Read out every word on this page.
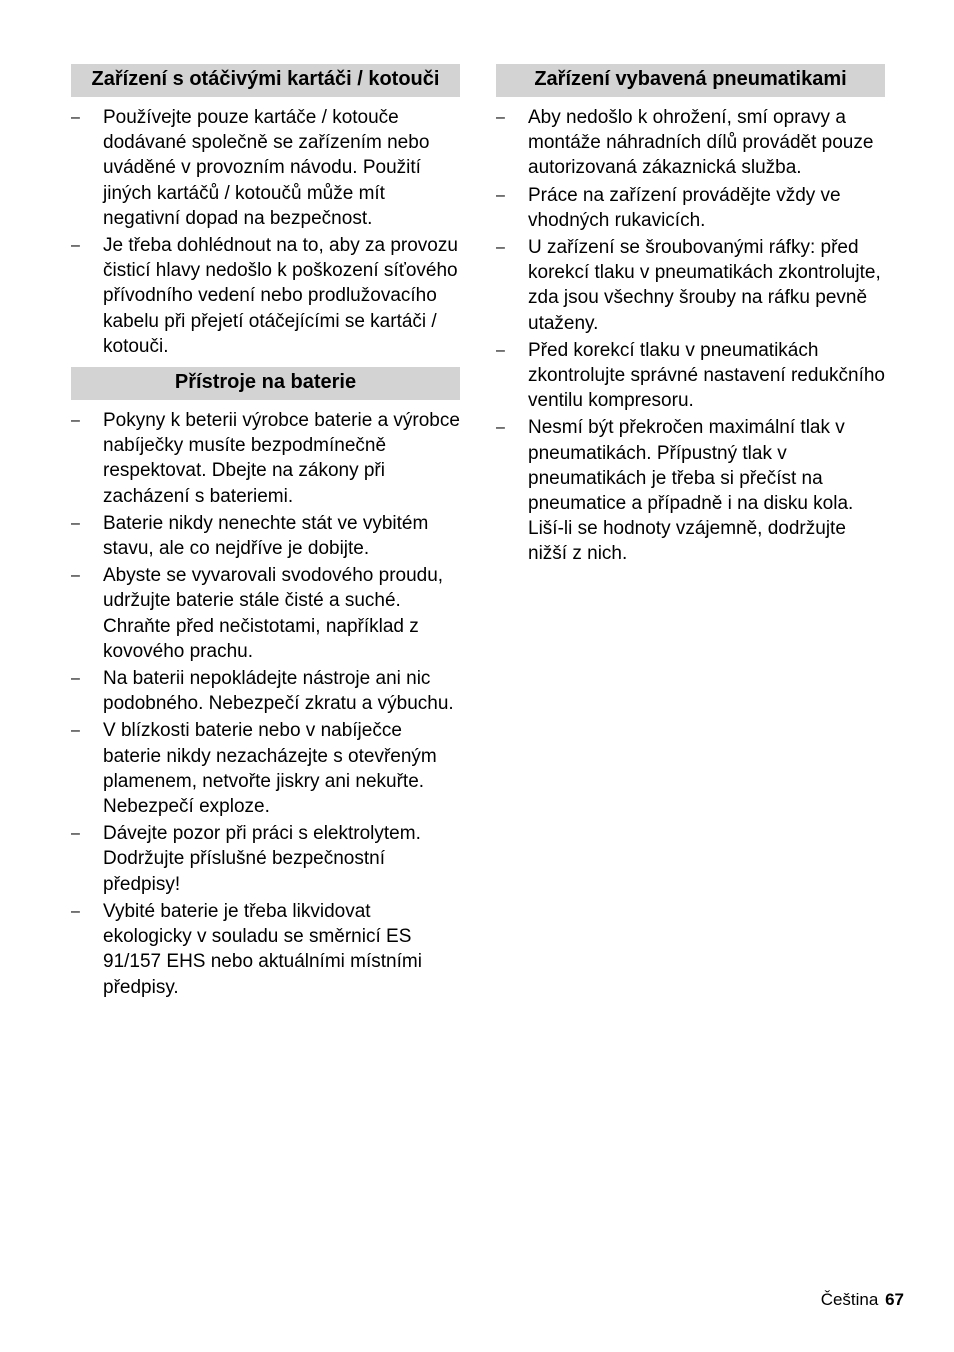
Zařízení s otáčivými kartáči / kotouči
– Používejte pouze kartáče / kotouče dodávané společně se zařízením nebo uváděné v provozním návodu. Použití jiných kartáčů / kotoučů může mít negativní dopad na bezpečnost.
– Je třeba dohlédnout na to, aby za provozu čisticí hlavy nedošlo k poškození síťového přívodního vedení nebo prodlužovacího kabelu při přejetí otáčejícími se kartáči / kotouči.
Přístroje na baterie
– Pokyny k beterii výrobce baterie a výrobce nabíječky musíte bezpodmínečně respektovat. Dbejte na zákony při zacházení s bateriemi.
– Baterie nikdy nenechte stát ve vybitém stavu, ale co nejdříve je dobijte.
– Abyste se vyvarovali svodového proudu, udržujte baterie stále čisté a suché. Chraňte před nečistotami, například z kovového prachu.
– Na baterii nepokládejte nástroje ani nic podobného. Nebezpečí zkratu a výbuchu.
– V blízkosti baterie nebo v nabíječce baterie nikdy nezacházejte s otevřeným plamenem, netvořte jiskry ani nekuřte. Nebezpečí exploze.
– Dávejte pozor při práci s elektrolytem. Dodržujte příslušné bezpečnostní předpisy!
– Vybité baterie je třeba likvidovat ekologicky v souladu se směrnicí ES 91/157 EHS nebo aktuálními místními předpisy.
Zařízení vybavená pneumatikami
– Aby nedošlo k ohrožení, smí opravy a montáže náhradních dílů provádět pouze autorizovaná zákaznická služba.
– Práce na zařízení provádějte vždy ve vhodných rukavicích.
– U zařízení se šroubovanými ráfky: před korekcí tlaku v pneumatikách zkontrolujte, zda jsou všechny šrouby na ráfku pevně utaženy.
– Před korekcí tlaku v pneumatikách zkontrolujte správné nastavení redukčního ventilu kompresoru.
– Nesmí být překročen maximální tlak v pneumatikách. Přípustný tlak v pneumatikách je třeba si přečíst na pneumatice a případně i na disku kola. Liší-li se hodnoty vzájemně, dodržujte nižší z nich.
Čeština 67
